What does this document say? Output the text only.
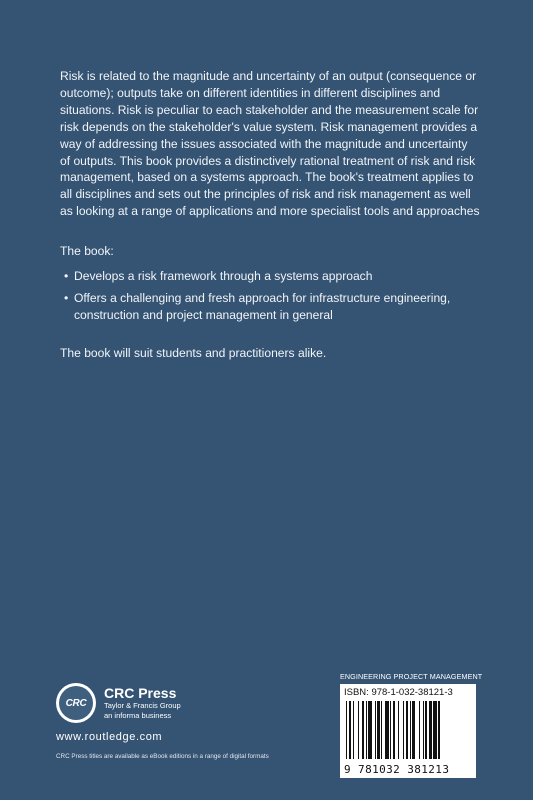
Risk is related to the magnitude and uncertainty of an output (consequence or outcome); outputs take on different identities in different disciplines and situations. Risk is peculiar to each stakeholder and the measurement scale for risk depends on the stakeholder's value system. Risk management provides a way of addressing the issues associated with the magnitude and uncertainty of outputs. This book provides a distinctively rational treatment of risk and risk management, based on a systems approach. The book's treatment applies to all disciplines and sets out the principles of risk and risk management as well as looking at a range of applications and more specialist tools and approaches

The book:

• Develops a risk framework through a systems approach
• Offers a challenging and fresh approach for infrastructure engineering, construction and project management in general

The book will suit students and practitioners alike.

CRC
CRC Press
Taylor & Francis Group
an informa business
www.routledge.com
CRC Press titles are available as eBook editions in a range of digital formats
ENGINEERING PROJECT MANAGEMENT
ISBN: 978-1-032-38121-3
9 781032 381213
